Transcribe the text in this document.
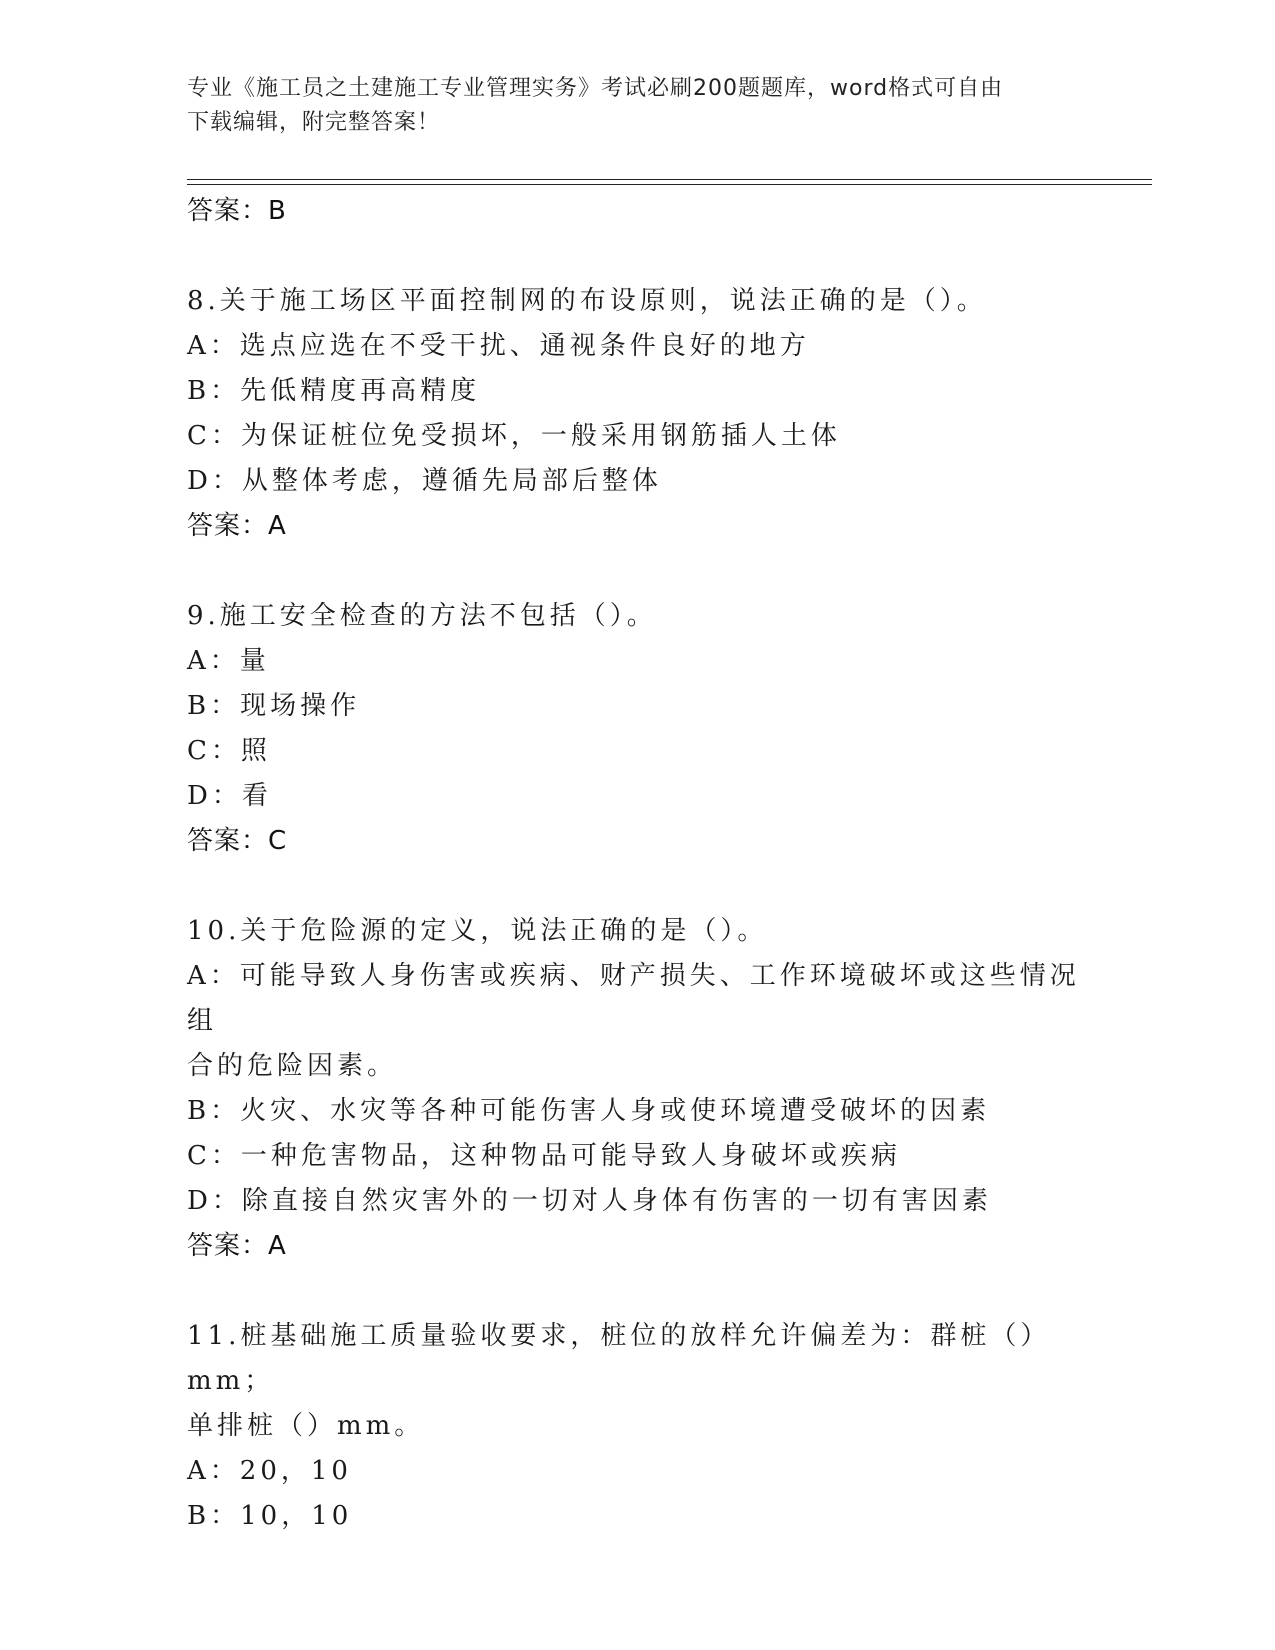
专业《施工员之土建施工专业管理实务》考试必刷200题题库，word格式可自由
下载编辑，附完整答案！
答案：B
8.关于施工场区平面控制网的布设原则，说法正确的是（）。
A：选点应选在不受干扰、通视条件良好的地方
B：先低精度再高精度
C：为保证桩位免受损坏，一般采用钢筋插人土体
D：从整体考虑，遵循先局部后整体
答案：A
9.施工安全检查的方法不包括（）。
A：量
B：现场操作
C：照
D：看
答案：C
10.关于危险源的定义，说法正确的是（）。
A：可能导致人身伤害或疾病、财产损失、工作环境破坏或这些情况组
合的危险因素。
B：火灾、水灾等各种可能伤害人身或使环境遭受破坏的因素
C：一种危害物品，这种物品可能导致人身破坏或疾病
D：除直接自然灾害外的一切对人身体有伤害的一切有害因素
答案：A
11.桩基础施工质量验收要求，桩位的放样允许偏差为：群桩（）mm；
单排桩（）mm。
A：20，10
B：10，10
